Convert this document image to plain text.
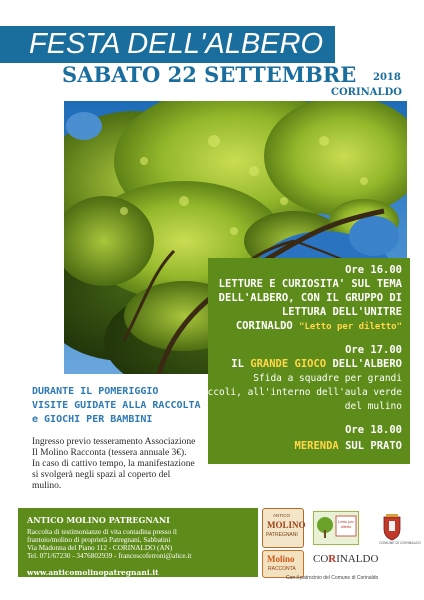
FESTA DELL'ALBERO
SABATO 22 SETTEMBRE 2018
CORINALDO
Ore 16.00
LETTURE E CURIOSITA' SUL TEMA
DELL'ALBERO, CON IL GRUPPO DI
LETTURA DELL'UNITRE
CORINALDO "Letto per diletto"
Ore 17.00
IL GRANDE GIOCO DELL'ALBERO
Sfida a squadre per grandi
e piccoli, all'interno dell'aula verde
del mulino
Ore 18.00
MERENDA SUL PRATO
DURANTE IL POMERIGGIO
VISITE GUIDATE ALLA RACCOLTA
e GIOCHI PER BAMBINI
Ingresso previo tesseramento Associazione
Il Molino Racconta (tessera annuale 3€).
In caso di cattivo tempo, la manifestazione
si svolgerà negli spazi al coperto del
mulino.
ANTICO MOLINO PATREGNANI
Raccolta di testimonianze di vita contadina presso il
frantoio/molino di proprietà Patregnani, Sabbatini
Via Madonna del Piano 112 - CORINALDO (AN)
Tel. 071/67230 - 3476802939 - francescoferroni@alice.it
www.anticomolinopatregnani.it
ANTICO
MOLINO
PATREGNANI
Letto per diletto
COMUNE DI CORINALDO
Molino
RACCONTA
CORINALDO
Con il patrocinio del Comune di Corinaldo
